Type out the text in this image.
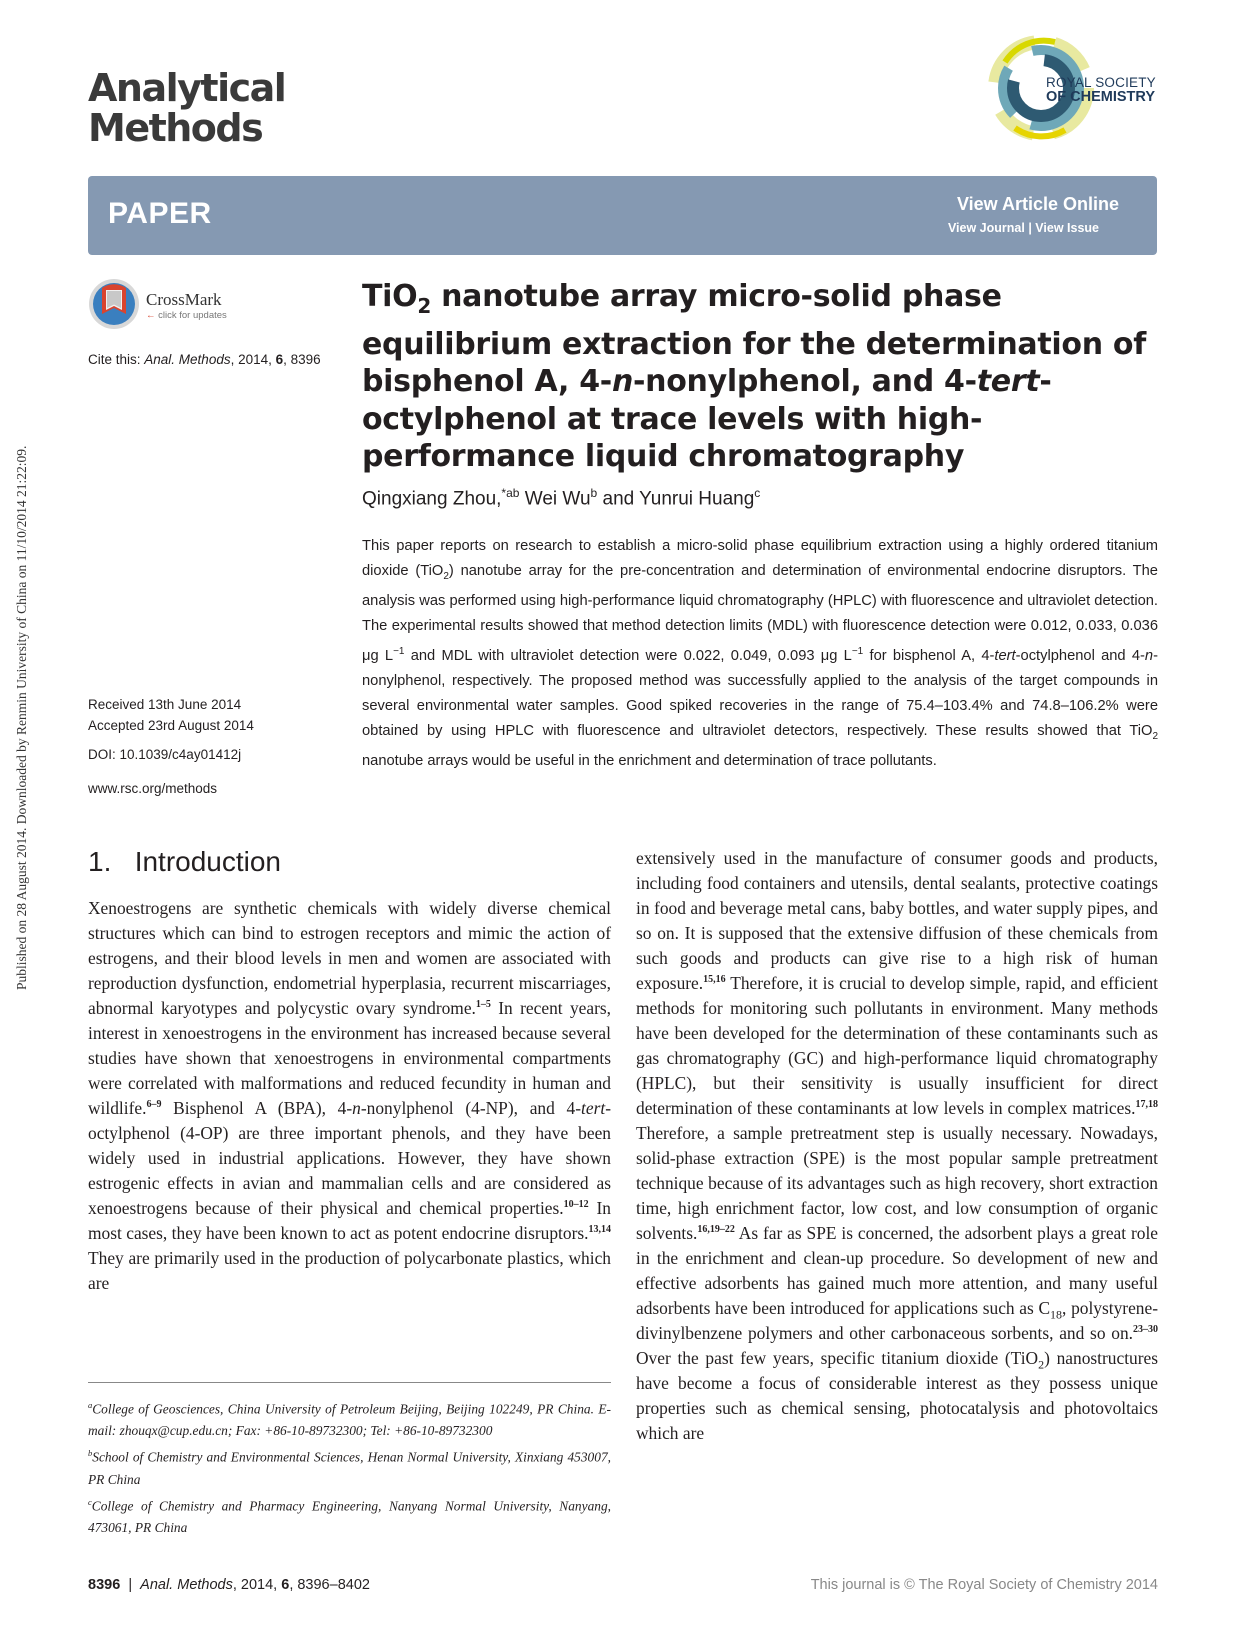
Published on 28 August 2014. Downloaded by Renmin University of China on 11/10/2014 21:22:09.
Analytical
Methods
ROYAL SOCIETY
OF CHEMISTRY
PAPER	View Article Online
View Journal | View Issue
CrossMark
← click for updates
Cite this: Anal. Methods, 2014, 6, 8396
Received 13th June 2014
Accepted 23rd August 2014
DOI: 10.1039/c4ay01412j
www.rsc.org/methods
TiO$_2$ nanotube array micro-solid phase equilibrium extraction for the determination of bisphenol A, 4-n-nonylphenol, and 4-tert-octylphenol at trace levels with high-performance liquid chromatography
Qingxiang Zhou,$^{*ab}$ Wei Wu$^b$ and Yunrui Huang$^c$
This paper reports on research to establish a micro-solid phase equilibrium extraction using a highly ordered titanium dioxide (TiO$_2$) nanotube array for the pre-concentration and determination of environmental endocrine disruptors. The analysis was performed using high-performance liquid chromatography (HPLC) with fluorescence and ultraviolet detection. The experimental results showed that method detection limits (MDL) with fluorescence detection were 0.012, 0.033, 0.036 μg $L^{-1}$ and MDL with ultraviolet detection were 0.022, 0.049, 0.093 μg $L^{-1}$ for bisphenol A, 4-tert-octylphenol and 4-n-nonylphenol, respectively. The proposed method was successfully applied to the analysis of the target compounds in several environmental water samples. Good spiked recoveries in the range of 75.4–103.4% and 74.8–106.2% were obtained by using HPLC with fluorescence and ultraviolet detectors, respectively. These results showed that TiO$_2$ nanotube arrays would be useful in the enrichment and determination of trace pollutants.
1.   Introduction
Xenoestrogens are synthetic chemicals with widely diverse chemical structures which can bind to estrogen receptors and mimic the action of estrogens, and their blood levels in men and women are associated with reproduction dysfunction, endometrial hyperplasia, recurrent miscarriages, abnormal karyotypes and polycystic ovary syndrome.$^{1-5}$ In recent years, interest in xenoestrogens in the environment has increased because several studies have shown that xenoestrogens in environmental compartments were correlated with malformations and reduced fecundity in human and wildlife.$^{6-9}$ Bisphenol A (BPA), 4-n-nonylphenol (4-NP), and 4-tert-octylphenol (4-OP) are three important phenols, and they have been widely used in industrial applications. However, they have shown estrogenic effects in avian and mammalian cells and are considered as xenoestrogens because of their physical and chemical properties.$^{10-12}$ In most cases, they have been known to act as potent endocrine disruptors.$^{13,14}$ They are primarily used in the production of polycarbonate plastics, which are
extensively used in the manufacture of consumer goods and products, including food containers and utensils, dental sealants, protective coatings in food and beverage metal cans, baby bottles, and water supply pipes, and so on. It is supposed that the extensive diffusion of these chemicals from such goods and products can give rise to a high risk of human exposure.$^{15,16}$ Therefore, it is crucial to develop simple, rapid, and efficient methods for monitoring such pollutants in environment. Many methods have been developed for the determination of these contaminants such as gas chromatography (GC) and high-performance liquid chromatography (HPLC), but their sensitivity is usually insufficient for direct determination of these contaminants at low levels in complex matrices.$^{17,18}$ Therefore, a sample pretreatment step is usually necessary. Nowadays, solid-phase extraction (SPE) is the most popular sample pretreatment technique because of its advantages such as high recovery, short extraction time, high enrichment factor, low cost, and low consumption of organic solvents.$^{16,19-22}$ As far as SPE is concerned, the adsorbent plays a great role in the enrichment and clean-up procedure. So development of new and effective adsorbents has gained much more attention, and many useful adsorbents have been introduced for applications such as $C_{18}$, polystyrene-divinylbenzene polymers and other carbonaceous sorbents, and so on.$^{23-30}$ Over the past few years, specific titanium dioxide (TiO$_2$) nanostructures have become a focus of considerable interest as they possess unique properties such as chemical sensing, photocatalysis and photovoltaics which are

$^a$College of Geosciences, China University of Petroleum Beijing, Beijing 102249, PR China. E-mail: zhouqx@cup.edu.cn; Fax: +86-10-89732300; Tel: +86-10-89732300

$^b$School of Chemistry and Environmental Sciences, Henan Normal University, Xinxiang 453007, PR China

$^c$College of Chemistry and Pharmacy Engineering, Nanyang Normal University, Nanyang, 473061, PR China

8396  |  Anal. Methods, 2014, 6, 8396–8402	This journal is © The Royal Society of Chemistry 2014
